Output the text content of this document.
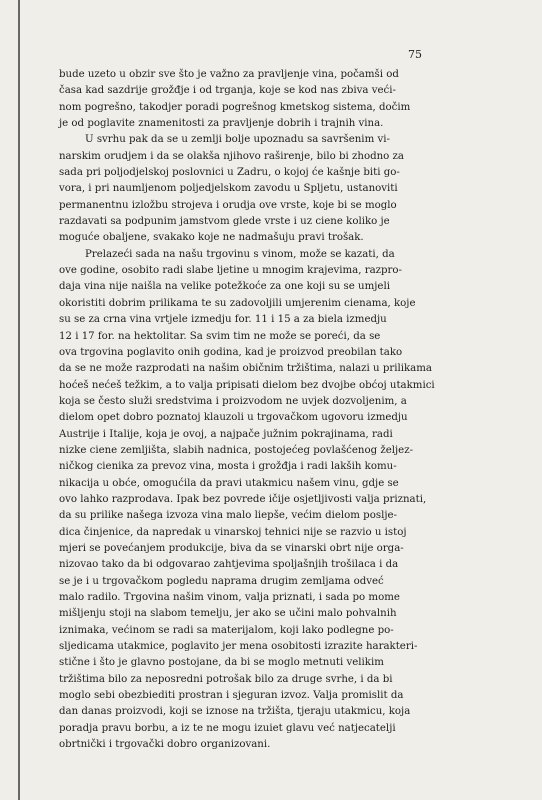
75
bude uzeto u obzir sve što je važno za pravljenje vina, počamši od
časa kad sazdrije grožđje i od trganja, koje se kod nas zbiva veći-
nom pogrešno, takodjer poradi pogrešnog kmetskog sistema, dočim
je od poglavite znamenitosti za pravljenje dobrih i trajnih vina.
U svrhu pak da se u zemlji bolje upoznadu sa savršenim vi-
narskim orudjem i da se olakša njihovo raširenje, bilo bi zhodno za
sada pri poljodjelskoj poslovnici u Zadru, o kojoj će kašnje biti go-
vora, i pri naumljenom poljedjelskom zavodu u Spljetu, ustanoviti
permanentnu izložbu strojeva i orudja ove vrste, koje bi se moglo
razdavati sa podpunim jamstvom glede vrste i uz ciene koliko je
moguće obaljene, svakako koje ne nadmašuju pravi trošak.
Prelazeći sada na našu trgovinu s vinom, može se kazati, da
ove godine, osobito radi slabe ljetine u mnogim krajevima, razpro-
daja vina nije naišla na velike potežkoće za one koji su se umjeli
okoristiti dobrim prilikama te su zadovoljili umjerenim cienama, koje
su se za crna vina vrtjele izmedju for. 11 i 15 a za biela izmedju
12 i 17 for. na hektolitar. Sa svim tim ne može se poreći, da se
ova trgovina poglavito onih godina, kad je proizvod preobilan tako
da se ne može razprodati na našim običnim tržištima, nalazi u prilikama
hoćeš nećeš težkim, a to valja pripisati dielom bez dvojbe obćoj utakmici
koja se često služi sredstvima i proizvodom ne uvjek dozvoljenim, a
dielom opet dobro poznatoj klauzoli u trgovačkom ugovoru izmedju
Austrije i Italije, koja je ovoj, a najpače južnim pokrajinama, radi
nizke ciene zemljišta, slabih nadnica, postojećeg povlašćenog željez-
ničkog cienika za prevoz vina, mosta i grožđja i radi lakših komu-
nikacija u obće, omogućila da pravi utakmicu našem vinu, gdje se
ovo lahko razprodava. Ipak bez povrede ičije osjetljivosti valja priznati,
da su prilike našega izvoza vina malo liepše, većim dielom poslje-
dica činjenice, da napredak u vinarskoj tehnici nije se razvio u istoj
mjeri se povećanjem produkcije, biva da se vinarski obrt nije orga-
nizovao tako da bi odgovarao zahtjevima spoljašnjih trošilaca i da
se je i u trgovačkom pogledu naprama drugim zemljama odveć
malo radilo. Trgovina našim vinom, valja priznati, i sada po mome
mišljenju stoji na slabom temelju, jer ako se učini malo pohvalnih
iznimaka, većinom se radi sa materijalom, koji lako podlegne po-
sljedicama utakmice, poglavito jer mena osobitosti izrazite harakteri-
stične i što je glavno postojane, da bi se moglo metnuti velikim
tržištima bilo za neposredni potrošak bilo za druge svrhe, i da bi
moglo sebi obezbiediti prostran i sjeguran izvoz. Valja promislit da
dan danas proizvodi, koji se iznose na tržišta, tjeraju utakmicu, koja
poradja pravu borbu, a iz te ne mogu izuiet glavu već natjecatelji
obrtnički i trgovački dobro organizovani.
